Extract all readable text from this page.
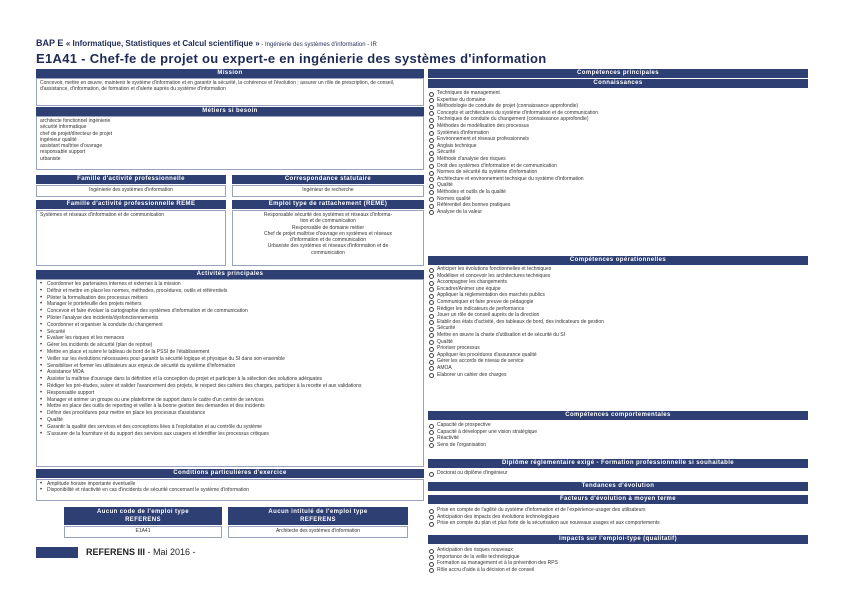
BAP E « Informatique, Statistiques et Calcul scientifique » - Ingénierie des systèmes d'information - IR
E1A41 - Chef-fe de projet ou expert-e en ingénierie des systèmes d'information
Mission
Concevoir, mettre en œuvre, maintenir le système d'information et en garantir la sécurité, la cohérence et l'évolution ; assurer un rôle de prescription, de conseil, d'assistance, d'information, de formation et d'alerte auprès du système d'information
Métiers si besoin
architecte fonctionnel ingénierie
sécurité informatique
chef de projet/directeur de projet
ingénieur qualité
assistant maîtrise d'ouvrage
responsable support
urbaniste
Famille d'activité professionnelle	Correspondance statutaire
Ingénierie des systèmes d'information	Ingénieur de recherche
Famille d'activité professionnelle REME	Emploi type de rattachement (REME)
Systèmes et réseaux d'information et de communication	Responsable sécurité des systèmes et réseaux d'informa-
tion et de communication
Responsable de domaine métier
Chef de projet maîtrise d'ouvrage en systèmes et réseaux
d'information et de communication
Urbaniste des systèmes et réseaux d'information et de
communication
Activités principales
• Coordonner les partenaires internes et externes à la mission
• Définir et mettre en place les normes, méthodes, procédures, outils et référentiels
• Piloter la formalisation des processus métiers
• Manager le portefeuille des projets métiers
• Concevoir et faire évoluer la cartographie des systèmes d'information et de communication
• Piloter l'analyse des incidents/dysfonctionnements
• Coordonner et organiser la conduite du changement
• Sécurité
• Evaluer les risques et les menaces
• Gérer les incidents de sécurité (plan de reprise)
• Mettre en place et suivre le tableau de bord de la PSSI de l'établissement
• Veiller sur les évolutions nécessaires pour garantir la sécurité logique et physique du SI dans son ensemble
• Sensibiliser et former les utilisateurs aux enjeux de sécurité du système d'information
• Assistance MOA
• Assister la maîtrise d'ouvrage dans la définition et la conception du projet et participer à la sélection des solutions adéquates
• Rédiger les pré-études, suivre et valider l'avancement des projets, le respect des cahiers des charges, participer à la recette et aux validations
• Responsable support
• Manager et animer un groupe ou une plateforme de support dans le cadre d'un centre de services
• Mettre en place des outils de reporting et veiller à la bonne gestion des demandes et des incidents
• Définir des procédures pour mettre en place les processus d'assistance
• Qualité
• Garantir la qualité des services et des conceptions liées à l'exploitation et au contrôle du système
• S'assurer de la fourniture et du support des services aux usagers et identifier les processus critiques
Conditions particulières d'exercice
• Amplitude horaire importante éventuelle
• Disponibilité et réactivité en cas d'incidents de sécurité concernant le système d'information
Aucun code de l'emploi type
REFERENS
Aucun intitulé de l'emploi type
REFERENS
E1A41	Architecte des systèmes d'information
REFERENS III - Mai 2016 -
Compétences principales
Connaissances
Techniques de management
Expertise du domaine
Méthodologie de conduite de projet (connaissance approfondie)
Concepts et architectures du système d'information et de communication
Techniques de conduite du changement (connaissance approfondie)
Méthodes de modélisation des processus
Systèmes d'information
Environnement et réseaux professionnels
Anglais technique
Sécurité
Méthode d'analyse des risques
Droit des systèmes d'information et de communication
Normes de sécurité du système d'information
Architecture et environnement technique du système d'information
Qualité
Méthodes et outils de la qualité
Normes qualité
Référentiel des bonnes pratiques
Analyse de la valeur
Compétences opérationnelles
Anticiper les évolutions fonctionnelles et techniques
Modéliser et concevoir les architectures techniques
Accompagner les changements
Encadrer/Animer une équipe
Appliquer la réglementation des marchés publics
Communiquer et faire preuve de pédagogie
Rédiger les indicateurs de performance
Jouer un rôle de conseil auprès de la direction
Etablir des états d'activité, des tableaux de bord, des indicateurs de gestion
Sécurité
Mettre en œuvre la charte d'utilisation et de sécurité du SI
Qualité
Prioriser processus
Appliquer les procédures d'assurance qualité
Gérer les accords de niveau de service
AMOA
Elaborer un cahier des charges
Compétences comportementales
Capacité de prospective
Capacité à développer une vision stratégique
Réactivité
Sens de l'organisation
Diplôme réglementaire exigé - Formation professionnelle si souhaitable
Doctorat ou diplôme d'ingénieur
Tendances d'évolution
Facteurs d'évolution à moyen terme
Prise en compte de l'agilité du système d'information et de l'expérience-usager des utilisateurs
Anticipation des impacts des évolutions technologiques
Prise en compte du plan et plus forte de la sécurisation aux nouveaux usages et aux comportements
Impacts sur l'emploi-type (qualitatif)
Anticipation des risques nouveaux
Importance de la veille technologique
Formation au management et à la prévention des RPS
Rôle accru d'aide à la décision et de conseil
